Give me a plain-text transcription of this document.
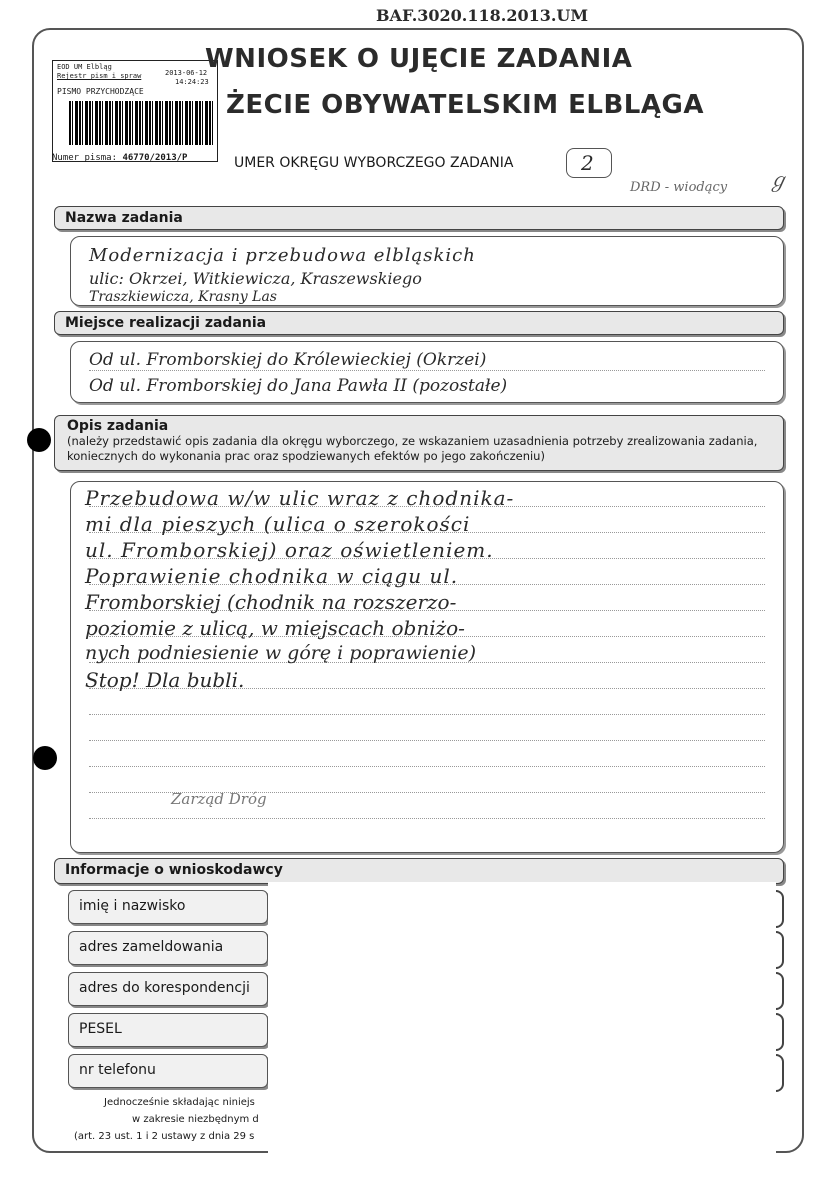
BAF.3020.118.2013.UM
EOD UM Elbląg
Rejestr pism i spraw	2013-06-12
14:24:23
PISMO PRZYCHODZĄCE
Numer pisma: 46770/2013/P
WNIOSEK O UJĘCIE ZADANIA
ŻECIE OBYWATELSKIM ELBLĄGA
UMER OKRĘGU WYBORCZEGO ZADANIA	2
DRD - wiodący ℊ
Nazwa zadania
Modernizacja i przebudowa elbląskich
ulic: Okrzei, Witkiewicza, Kraszewskiego
Traszkiewicza, Krasny Las
Miejsce realizacji zadania
Od ul. Fromborskiej do Królewieckiej (Okrzei)
Od ul. Fromborskiej do Jana Pawła II (pozostałe)
Opis zadania
(należy przedstawić opis zadania dla okręgu wyborczego, ze wskazaniem uzasadnienia potrzeby zrealizowania zadania, koniecznych do wykonania prac oraz spodziewanych efektów po jego zakończeniu)
Przebudowa w/w ulic wraz z chodnika-
mi dla pieszych (ulica o szerokości
ul. Fromborskiej) oraz oświetleniem.
Poprawienie chodnika w ciągu ul.
Fromborskiej (chodnik na rozszerzo-
poziomie z ulicą, w miejscach obniżo-
nych podniesienie w górę i poprawienie)
Stop! Dla bubli.
Zarząd Dróg
Informacje o wnioskodawcy
imię i nazwisko
adres zameldowania
adres do korespondencji
PESEL
nr telefonu
Jednocześnie składając niniejs
w zakresie niezbędnym d
(art. 23 ust. 1 i 2 ustawy z dnia 29 s
